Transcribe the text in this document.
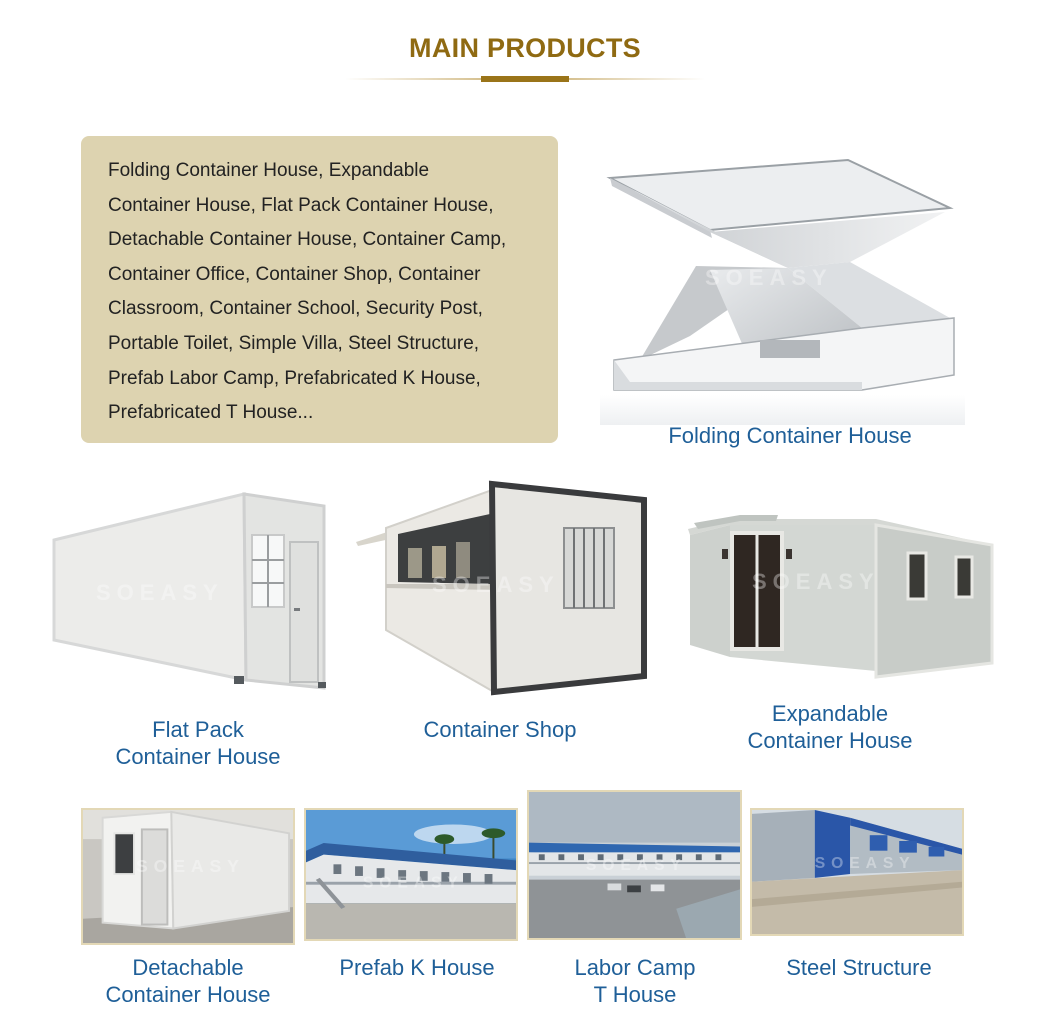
MAIN PRODUCTS
Folding Container House, Expandable
Container House, Flat Pack Container House,
Detachable Container House, Container Camp,
Container Office, Container Shop, Container
Classroom, Container School, Security Post,
Portable Toilet, Simple Villa, Steel Structure,
Prefab Labor Camp, Prefabricated K House,
Prefabricated T House...
SOEASY
Folding Container House
SOEASY
Flat Pack
Container House
SOEASY
Container Shop
SOEASY
Expandable
Container House
SOEASY
Detachable
Container House
SOEASY
Prefab K House
SOEASY
Labor Camp
T House
SOEASY
Steel Structure
